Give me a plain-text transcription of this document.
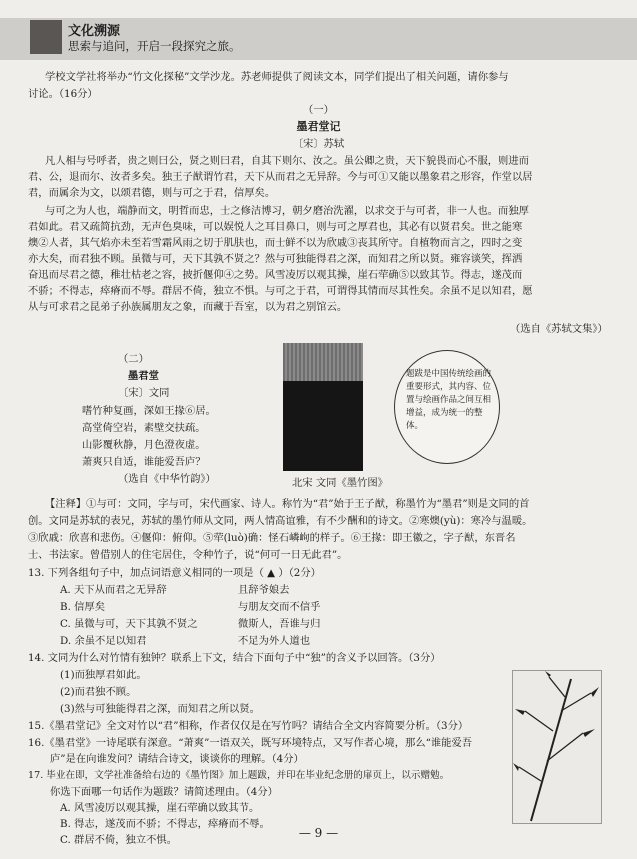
文化溯源
思索与追问，开启一段探究之旅。
学校文学社将举办“竹文化探秘”文学沙龙。苏老师提供了阅读文本，同学们提出了相关问题，请你参与
讨论。（16分）
（一）
墨君堂记
〔宋〕苏轼
凡人相与号呼者，贵之则曰公，贤之则曰君，自其下则尔、汝之。虽公卿之贵，天下貌畏而心不服，则进而
君、公，退而尔、汝者多矣。独王子猷谓竹君，天下从而君之无异辞。今与可①又能以墨象君之形容，作堂以居
君，而属余为文，以颂君德，则与可之于君，信厚矣。
与可之为人也，端静而文，明哲而忠，士之修洁博习，朝夕磨治洗濯，以求交于与可者，非一人也。而独厚
君如此。君又疏简抗劲，无声色臭味，可以娱悦人之耳目鼻口，则与可之厚君也，其必有以贤君矣。世之能寒
燠②人者，其气焰亦未至若雪霜风雨之切于肌肤也，而士鲜不以为欣戚③丧其所守。自植物而言之，四时之变
亦大矣，而君独不顾。虽微与可，天下其孰不贤之？然与可独能得君之深，而知君之所以贤。雍容谈笑，挥洒
奋迅而尽君之德，稚壮枯老之容，披折偃仰④之势。风雪凌厉以观其操，崖石荦确⑤以致其节。得志，遂茂而
不骄；不得志，瘁瘠而不辱。群居不倚，独立不惧。与可之于君，可谓得其情而尽其性矣。余虽不足以知君，愿
从与可求君之昆弟子孙族属朋友之象，而藏于吾室，以为君之别馆云。
（选自《苏轼文集》）
（二）
墨君堂
〔宋〕文同
嗜竹种复画，深如王掾⑥居。
高堂倚空岩，素壁交扶疏。
山影覆秋静，月色澄夜虚。
萧爽只自适，谁能爱吾庐？
（选自《中华竹韵》）
题跋是中国传统绘画的重要形式，其内容、位置与绘画作品之间互相增益，成为统一的整体。
北宋 文同《墨竹图》
【注释】①与可：文同，字与可，宋代画家、诗人。称竹为“君”始于王子猷，称墨竹为“墨君”则是文同的首
创。文同是苏轼的表兄，苏轼的墨竹师从文同，两人情高谊雅，有不少酬和的诗文。②寒燠(yù)：寒冷与温暖。
③欣戚：欣喜和悲伤。④偃仰：俯仰。⑤荦(luò)确：怪石嶙峋的样子。⑥王掾：即王徽之，字子猷，东晋名
士、书法家。曾借别人的住宅居住，令种竹子，说“何可一日无此君”。
13. 下列各组句子中，加点词语意义相同的一项是（ ▲ ）（2分）
A. 天下从而君之无异辞	且辞爷娘去
B. 信厚矣	与朋友交而不信乎
C. 虽微与可，天下其孰不贤之	微斯人，吾谁与归
D. 余虽不足以知君	不足为外人道也
14. 文同为什么对竹情有独钟？联系上下文，结合下面句子中“独”的含义予以回答。（3分）
(1)而独厚君如此。
(2)而君独不顾。
(3)然与可独能得君之深，而知君之所以贤。
15.《墨君堂记》全文对竹以“君”相称，作者仅仅是在写竹吗？请结合全文内容简要分析。（3分）
16.《墨君堂》一诗尾联有深意。“萧爽”一语双关，既写环境特点，又写作者心境，那么“谁能爱吾
庐”是在向谁发问？请结合诗文，谈谈你的理解。（4分）
17. 毕业在即，文学社准备给右边的《墨竹图》加上题跋，并印在毕业纪念册的扉页上，以示赠勉。
你选下面哪一句话作为题跋？请简述理由。（4分）
A. 风雪凌厉以观其操，崖石荦确以致其节。
B. 得志，遂茂而不骄；不得志，瘁瘠而不辱。
C. 群居不倚，独立不惧。	— 9 —
